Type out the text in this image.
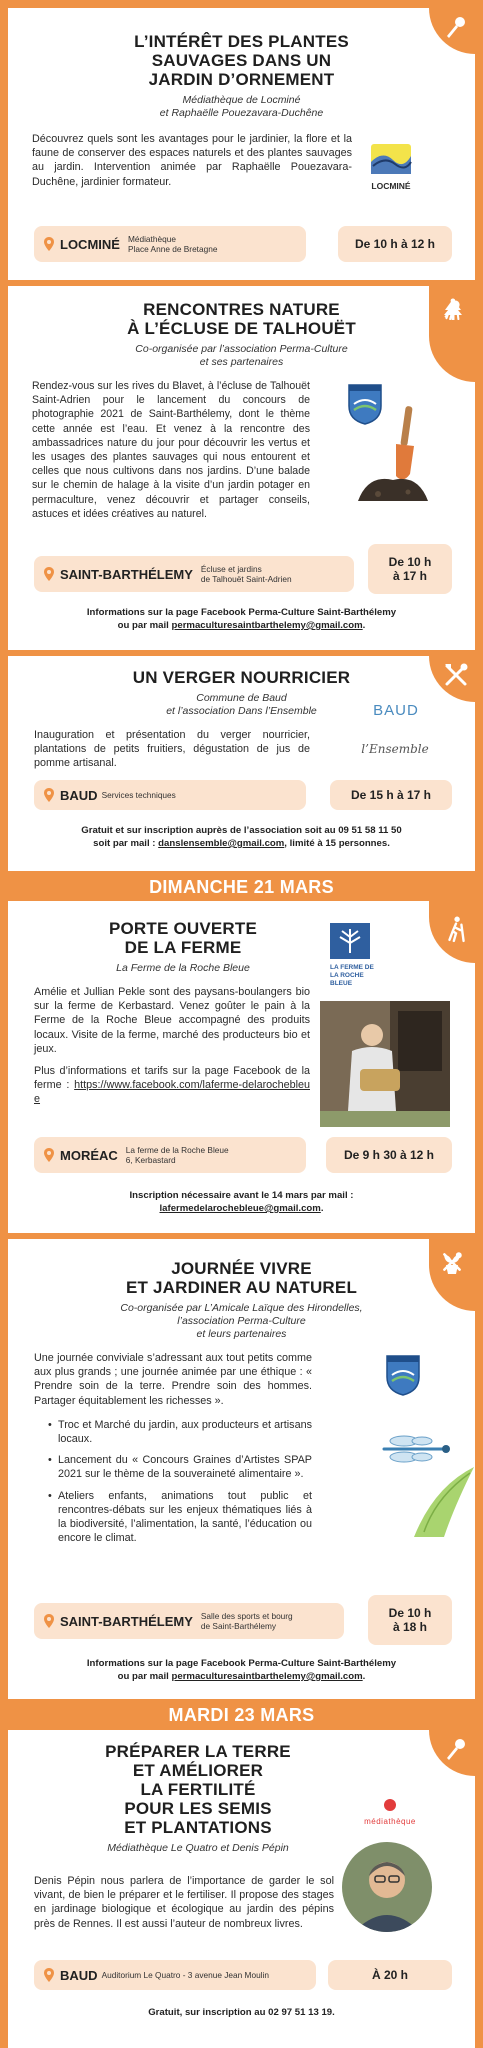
L’INTÉRÊT DES PLANTES
SAUVAGES DANS UN
JARDIN D’ORNEMENT
Médiathèque de Locminé
et Raphaëlle Pouezavara-Duchêne
Découvrez quels sont les avantages pour le jardinier, la flore et la faune de conserver des espaces naturels et des plantes sauvages au jardin. Intervention animée par Raphaëlle Pouezavara-Duchêne, jardinier formateur.	LOCMINÉ
LOCMINÉ Médiathèque
Place Anne de Bretagne	De 10 h à 12 h
RENCONTRES NATURE
À L’ÉCLUSE DE TALHOUËT
Co-organisée par l’association Perma-Culture
et ses partenaires
Rendez-vous sur les rives du Blavet, à l’écluse de Talhouët Saint-Adrien pour le lancement du concours de photographie 2021 de Saint-Barthélemy, dont le thème cette année est l’eau. Et venez à la rencontre des ambassadrices nature du jour pour découvrir les vertus et les usages des plantes sauvages qui nous entourent et celles que nous cultivons dans nos jardins. D’une balade sur le chemin de halage à la visite d’un jardin potager en permaculture, venez découvrir et partager conseils, astuces et idées créatives au naturel.
SAINT-BARTHÉLEMY Écluse et jardins
de Talhouët Saint-Adrien
De 10 h
à 17 h
Informations sur la page Facebook Perma-Culture Saint-Barthélemy
ou par mail permaculturesaintbarthelemy@gmail.com.
UN VERGER NOURRICIER
Commune de Baud
et l’association Dans l’Ensemble
Inauguration et présentation du verger nourricier, plantations de petits fruitiers, dégustation de jus de pomme artisanal.
BAUD
l’Ensemble
BAUD Services techniques	De 15 h à 17 h
Gratuit et sur inscription auprès de l’association soit au 09 51 58 11 50
soit par mail : danslensemble@gmail.com, limité à 15 personnes.
DIMANCHE 21 MARS
PORTE OUVERTE
DE LA FERME
La Ferme de la Roche Bleue	LA FERME DE LA ROCHE BLEUE
Amélie et Jullian Pekle sont des paysans-boulangers bio sur la ferme de Kerbastard. Venez goûter le pain à la Ferme de la Roche Bleue accompagné des produits locaux. Visite de la ferme, marché des producteurs bio et jeux.
Plus d’informations et tarifs sur la page Facebook de la ferme : https://www.facebook.com/laferme-delarochebleue
MORÉAC La ferme de la Roche Bleue
6, Kerbastard	De 9 h 30 à 12 h
Inscription nécessaire avant le 14 mars par mail :
lafermedelarochebleue@gmail.com.
JOURNÉE VIVRE
ET JARDINER AU NATUREL
Co-organisée par L’Amicale Laïque des Hirondelles,
l’association Perma-Culture
et leurs partenaires
Une journée conviviale s’adressant aux tout petits comme aux plus grands ; une journée animée par une éthique : « Prendre soin de la terre. Prendre soin des hommes. Partager équitablement les richesses ».
• Troc et Marché du jardin, aux producteurs et artisans locaux.
• Lancement du « Concours Graines d’Artistes SPAP 2021 sur le thème de la souveraineté alimentaire ».
• Ateliers enfants, animations tout public et rencontres-débats sur les enjeux thématiques liés à la biodiversité, l’alimentation, la santé, l’éducation ou encore le climat.
SAINT-BARTHÉLEMY Salle des sports et bourg
de Saint-Barthélemy
De 10 h
à 18 h
Informations sur la page Facebook Perma-Culture Saint-Barthélemy
ou par mail permaculturesaintbarthelemy@gmail.com.
MARDI 23 MARS
PRÉPARER LA TERRE
ET AMÉLIORER
LA FERTILITÉ
POUR LES SEMIS
ET PLANTATIONS
Médiathèque Le Quatro et Denis Pépin
médiathèque
Denis Pépin nous parlera de l’importance de garder le sol vivant, de bien le préparer et le fertiliser. Il propose des stages en jardinage biologique et écologique au jardin des pépins près de Rennes. Il est aussi l’auteur de nombreux livres.
BAUD Auditorium Le Quatro - 3 avenue Jean Moulin	À 20 h
Gratuit, sur inscription au 02 97 51 13 19.
